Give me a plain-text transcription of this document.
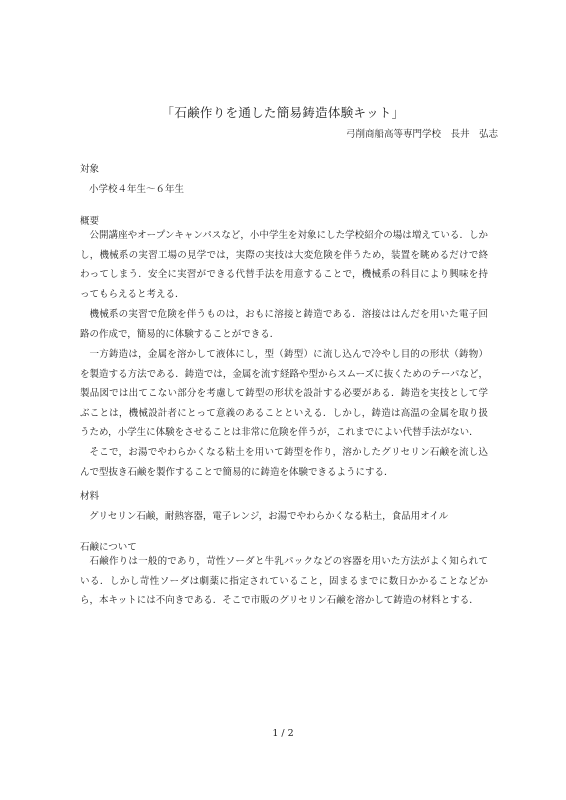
「石鹸作りを通した簡易鋳造体験キット」
弓削商船高等専門学校　長井　弘志
対象
小学校４年生〜６年生
概要

公開講座やオープンキャンパスなど，小中学生を対象にした学校紹介の場は増えている．しかし，機械系の実習工場の見学では，実際の実技は大変危険を伴うため，装置を眺めるだけで終わってしまう．安全に実習ができる代替手法を用意することで，機械系の科目により興味を持ってもらえると考える．

機械系の実習で危険を伴うものは，おもに溶接と鋳造である．溶接ははんだを用いた電子回路の作成で，簡易的に体験することができる．

一方鋳造は，金属を溶かして液体にし，型（鋳型）に流し込んで冷やし目的の形状（鋳物）を製造する方法である．鋳造では，金属を流す経路や型からスムーズに抜くためのテーパなど，製品図では出てこない部分を考慮して鋳型の形状を設計する必要がある．鋳造を実技として学ぶことは，機械設計者にとって意義のあることといえる．しかし，鋳造は高温の金属を取り扱うため，小学生に体験をさせることは非常に危険を伴うが，これまでによい代替手法がない．

そこで，お湯でやわらかくなる粘土を用いて鋳型を作り，溶かしたグリセリン石鹸を流し込んで型抜き石鹸を製作することで簡易的に鋳造を体験できるようにする．

材料
グリセリン石鹸，耐熱容器，電子レンジ，お湯でやわらかくなる粘土，食品用オイル
石鹸について

石鹸作りは一般的であり，苛性ソーダと牛乳パックなどの容器を用いた方法がよく知られている．しかし苛性ソーダは劇薬に指定されていること，固まるまでに数日かかることなどから，本キットには不向きである．そこで市販のグリセリン石鹸を溶かして鋳造の材料とする．

1 / 2
